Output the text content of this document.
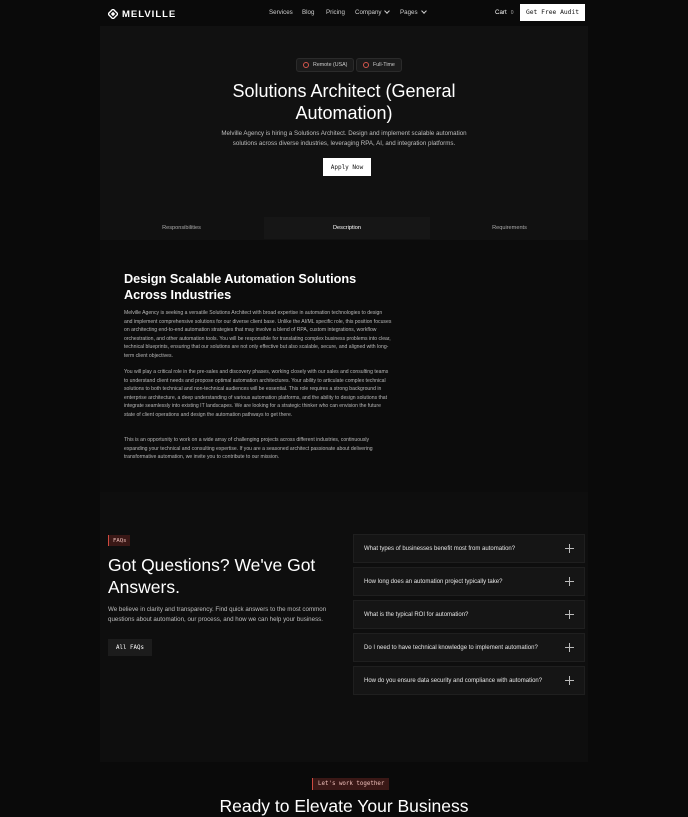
MELVILLE	Services Blog Pricing Company	Pages	Cart 0	Get Free Audit
Remote (USA)	Full-Time
Solutions Architect (General Automation)

Melville Agency is hiring a Solutions Architect. Design and implement scalable automation solutions across diverse industries, leveraging RPA, AI, and integration platforms.

Apply Now
Responsibilities	Description	Requirements
Design Scalable Automation Solutions Across Industries

Melville Agency is seeking a versatile Solutions Architect with broad expertise in automation technologies to design and implement comprehensive solutions for our diverse client base. Unlike the AI/ML specific role, this position focuses on architecting end-to-end automation strategies that may involve a blend of RPA, custom integrations, workflow orchestration, and other automation tools. You will be responsible for translating complex business problems into clear, technical blueprints, ensuring that our solutions are not only effective but also scalable, secure, and aligned with long-term client objectives.

You will play a critical role in the pre-sales and discovery phases, working closely with our sales and consulting teams to understand client needs and propose optimal automation architectures. Your ability to articulate complex technical solutions to both technical and non-technical audiences will be essential. This role requires a strong background in enterprise architecture, a deep understanding of various automation platforms, and the ability to design solutions that integrate seamlessly into existing IT landscapes. We are looking for a strategic thinker who can envision the future state of client operations and design the automation pathways to get there.

This is an opportunity to work on a wide array of challenging projects across different industries, continuously expanding your technical and consulting expertise. If you are a seasoned architect passionate about delivering transformative automation, we invite you to contribute to our mission.

FAQs
Got Questions? We've Got Answers.

We believe in clarity and transparency. Find quick answers to the most common questions about automation, our process, and how we can help your business.

All FAQs
What types of businesses benefit most from automation?
How long does an automation project typically take?
What is the typical ROI for automation?
Do I need to have technical knowledge to implement automation?
How do you ensure data security and compliance with automation?
Let's work together
Ready to Elevate Your Business
